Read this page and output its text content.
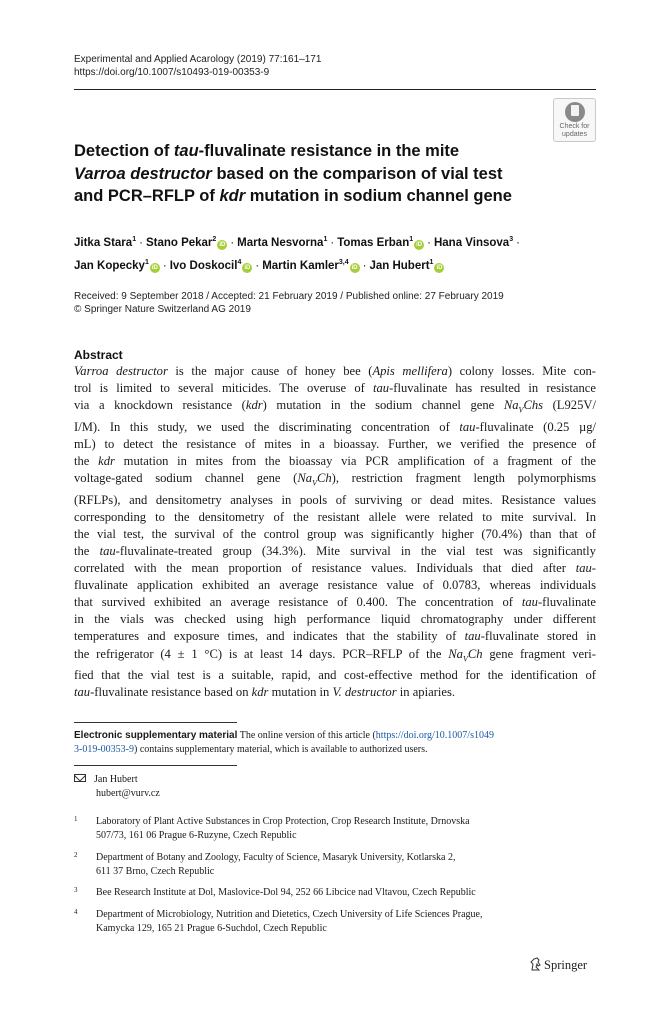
Experimental and Applied Acarology (2019) 77:161–171
https://doi.org/10.1007/s10493-019-00353-9
Check for
updates
Detection of tau-fluvalinate resistance in the mite
Varroa destructor based on the comparison of vial test
and PCR–RFLP of kdr mutation in sodium channel gene
Jitka Stara$^1$ · Stano Pekar$^2$iD · Marta Nesvorna$^1$ · Tomas Erban$^1$iD · Hana Vinsova$^3$ ·
Jan Kopecky$^1$iD · Ivo Doskocil$^4$iD · Martin Kamler$^{3,4}$iD · Jan Hubert$^1$iD
Received: 9 September 2018 / Accepted: 21 February 2019 / Published online: 27 February 2019
© Springer Nature Switzerland AG 2019
Abstract
Varroa destructor is the major cause of honey bee (Apis mellifera) colony losses. Mite con-
trol is limited to several miticides. The overuse of tau-fluvalinate has resulted in resistance
via a knockdown resistance (kdr) mutation in the sodium channel gene $Na_VChs$ (L925V/
I/M). In this study, we used the discriminating concentration of tau-fluvalinate (0.25 µg/
mL) to detect the resistance of mites in a bioassay. Further, we verified the presence of
the kdr mutation in mites from the bioassay via PCR amplification of a fragment of the
voltage-gated sodium channel gene $(Na_VCh)$, restriction fragment length polymorphisms
(RFLPs), and densitometry analyses in pools of surviving or dead mites. Resistance values
corresponding to the densitometry of the resistant allele were related to mite survival. In
the vial test, the survival of the control group was significantly higher (70.4%) than that of
the tau-fluvalinate-treated group (34.3%). Mite survival in the vial test was significantly
correlated with the mean proportion of resistance values. Individuals that died after tau-
fluvalinate application exhibited an average resistance value of 0.0783, whereas individuals
that survived exhibited an average resistance of 0.400. The concentration of tau-fluvalinate
in the vials was checked using high performance liquid chromatography under different
temperatures and exposure times, and indicates that the stability of tau-fluvalinate stored in
the refrigerator (4 ± 1 °C) is at least 14 days. PCR–RFLP of the $Na_VCh$ gene fragment veri-
fied that the vial test is a suitable, rapid, and cost-effective method for the identification of
tau-fluvalinate resistance based on kdr mutation in V. destructor in apiaries.
Electronic supplementary material The online version of this article (https://doi.org/10.1007/s1049
3-019-00353-9) contains supplementary material, which is available to authorized users.
Jan Hubert
hubert@vurv.cz
1	Laboratory of Plant Active Substances in Crop Protection, Crop Research Institute, Drnovska
507/73, 161 06 Prague 6-Ruzyne, Czech Republic
2	Department of Botany and Zoology, Faculty of Science, Masaryk University, Kotlarska 2,
611 37 Brno, Czech Republic
3	Bee Research Institute at Dol, Maslovice-Dol 94, 252 66 Libcice nad Vltavou, Czech Republic
4	Department of Microbiology, Nutrition and Dietetics, Czech University of Life Sciences Prague,
Kamycka 129, 165 21 Prague 6-Suchdol, Czech Republic
Springer
